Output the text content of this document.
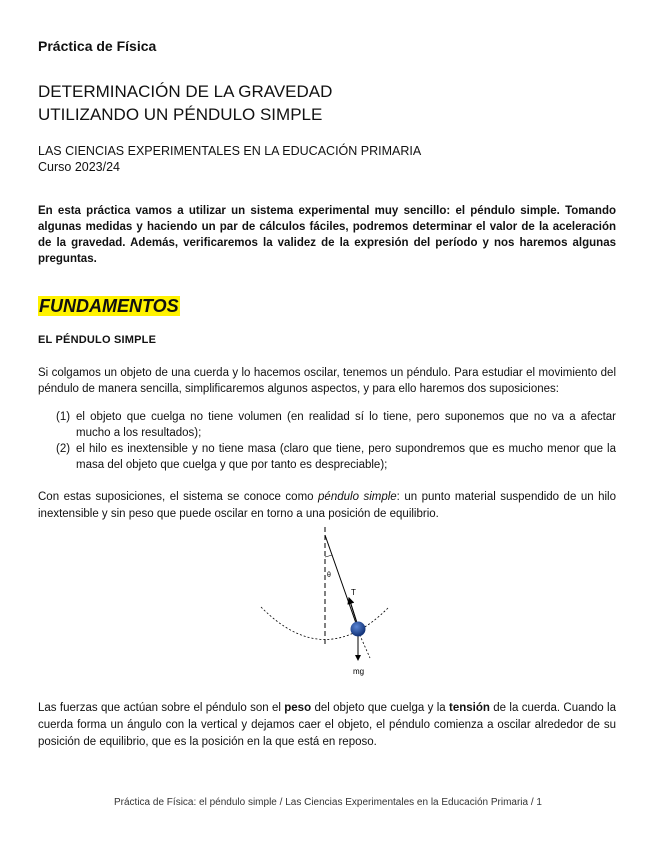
Práctica de Física
DETERMINACIÓN DE LA GRAVEDAD
UTILIZANDO UN PÉNDULO SIMPLE
LAS CIENCIAS EXPERIMENTALES EN LA EDUCACIÓN PRIMARIA
Curso 2023/24

En esta práctica vamos a utilizar un sistema experimental muy sencillo: el péndulo simple. Tomando algunas medidas y haciendo un par de cálculos fáciles, podremos determinar el valor de la aceleración de la gravedad. Además, verificaremos la validez de la expresión del período y nos haremos algunas preguntas.

FUNDAMENTOS
EL PÉNDULO SIMPLE

Si colgamos un objeto de una cuerda y lo hacemos oscilar, tenemos un péndulo. Para estudiar el movimiento del péndulo de manera sencilla, simplificaremos algunos aspectos, y para ello haremos dos suposiciones:

(1) el objeto que cuelga no tiene volumen (en realidad sí lo tiene, pero suponemos que no va a afectar mucho a los resultados);
(2) el hilo es inextensible y no tiene masa (claro que tiene, pero supondremos que es mucho menor que la masa del objeto que cuelga y que por tanto es despreciable);

Con estas suposiciones, el sistema se conoce como péndulo simple: un punto material suspendido de un hilo inextensible y sin peso que puede oscilar en torno a una posición de equilibrio.

Las fuerzas que actúan sobre el péndulo son el peso del objeto que cuelga y la tensión de la cuerda. Cuando la cuerda forma un ángulo con la vertical y dejamos caer el objeto, el péndulo comienza a oscilar alrededor de su posición de equilibrio, que es la posición en la que está en reposo.

Práctica de Física: el péndulo simple / Las Ciencias Experimentales en la Educación Primaria / 1
θ
T
mg
